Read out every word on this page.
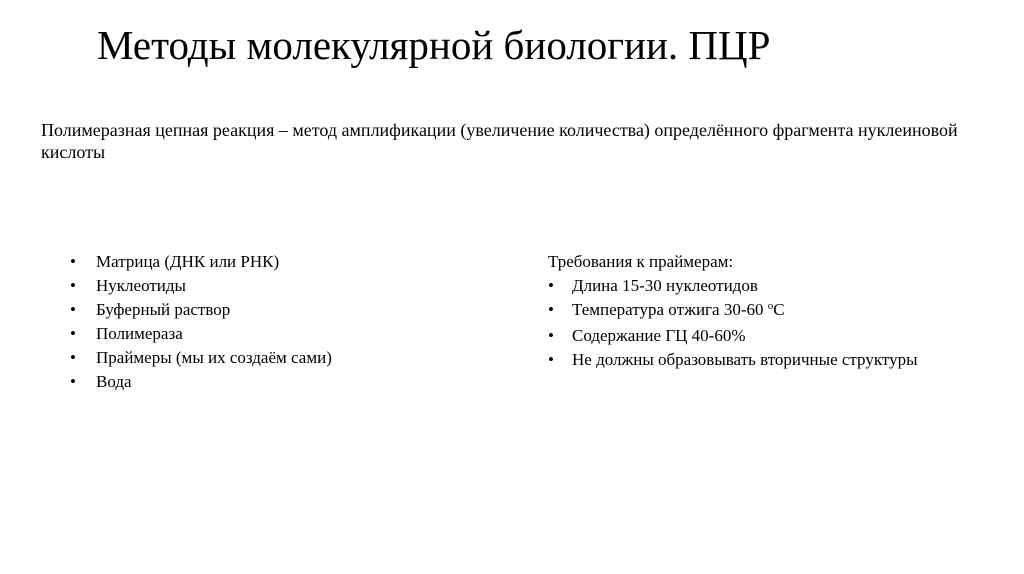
Методы молекулярной биологии. ПЦР

Полимеразная цепная реакция – метод амплификации (увеличение количества) определённого фрагмента нуклеиновой кислоты

•	Матрица (ДНК или РНК)
•	Нуклеотиды
•	Буферный раствор
•	Полимераза
•	Праймеры (мы их создаём сами)
•	Вода

Требования к праймерам:

•	Длина 15-30 нуклеотидов
•	Температура отжига 30-60 $^о$С
•	Содержание ГЦ 40-60%
•	Не должны образовывать вторичные структуры
